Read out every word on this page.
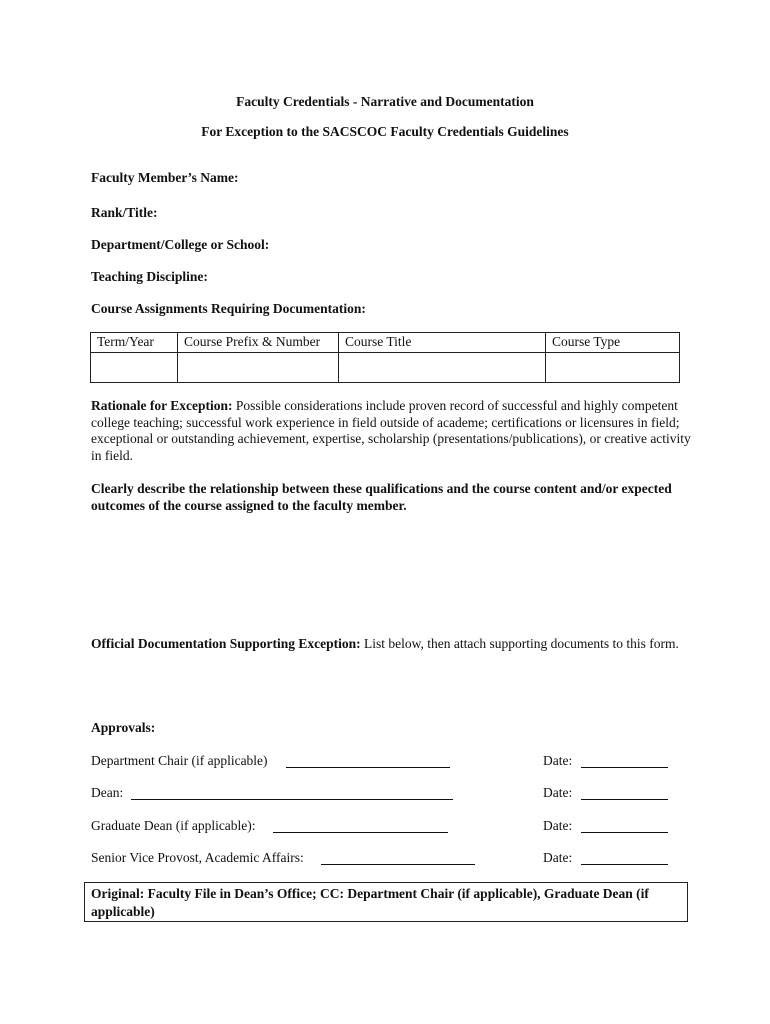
Faculty Credentials - Narrative and Documentation
For Exception to the SACSCOC Faculty Credentials Guidelines
Faculty Member’s Name:
Rank/Title:
Department/College or School:
Teaching Discipline:
Course Assignments Requiring Documentation:
Term/Year	Course Prefix & Number	Course Title	Course Type

Rationale for Exception: Possible considerations include proven record of successful and highly competent college teaching; successful work experience in field outside of academe; certifications or licensures in field; exceptional or outstanding achievement, expertise, scholarship (presentations/publications), or creative activity in field.
Clearly describe the relationship between these qualifications and the course content and/or expected outcomes of the course assigned to the faculty member.
Official Documentation Supporting Exception: List below, then attach supporting documents to this form.
Approvals:
Department Chair (if applicable)	Date:
Dean:	Date:
Graduate Dean (if applicable):	Date:
Senior Vice Provost, Academic Affairs:	Date:
Original: Faculty File in Dean’s Office; CC: Department Chair (if applicable), Graduate Dean (if applicable)
